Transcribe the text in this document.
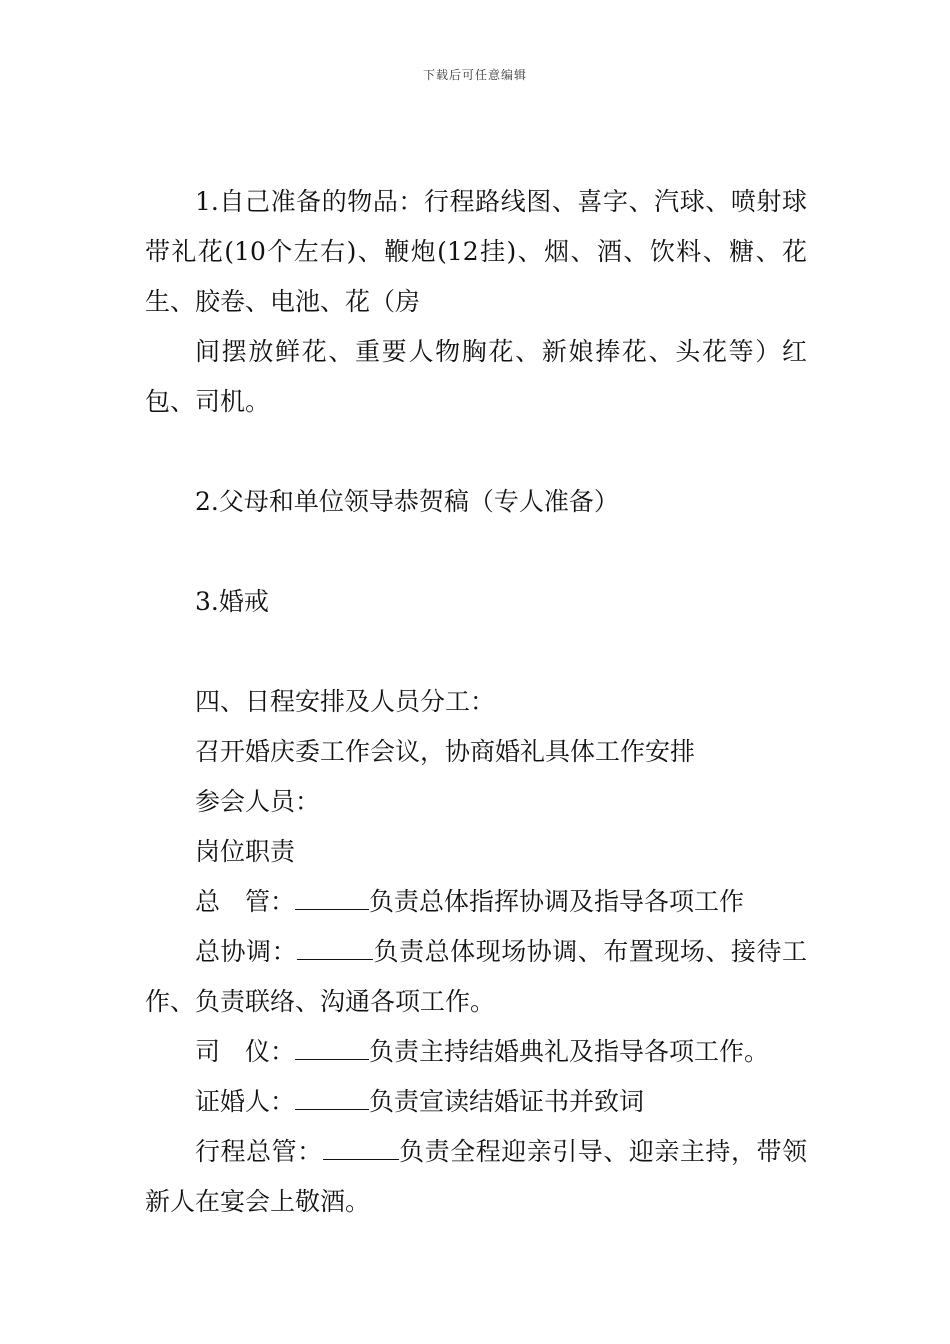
下载后可任意编辑

1.自己准备的物品：行程路线图、喜字、汽球、喷射球带礼花(10个左右)、鞭炮(12挂)、烟、酒、饮料、糖、花生、胶卷、电池、花（房

间摆放鲜花、重要人物胸花、新娘捧花、头花等）红包、司机。

2.父母和单位领导恭贺稿（专人准备）

3.婚戒

四、日程安排及人员分工：

召开婚庆委工作会议，协商婚礼具体工作安排

参会人员：

岗位职责

总　管：	负责总体指挥协调及指导各项工作

总协调：	负责总体现场协调、布置现场、接待工作、负责联络、沟通各项工作。

司　仪：	负责主持结婚典礼及指导各项工作。

证婚人：	负责宣读结婚证书并致词

行程总管：	负责全程迎亲引导、迎亲主持，带领新人在宴会上敬酒。
